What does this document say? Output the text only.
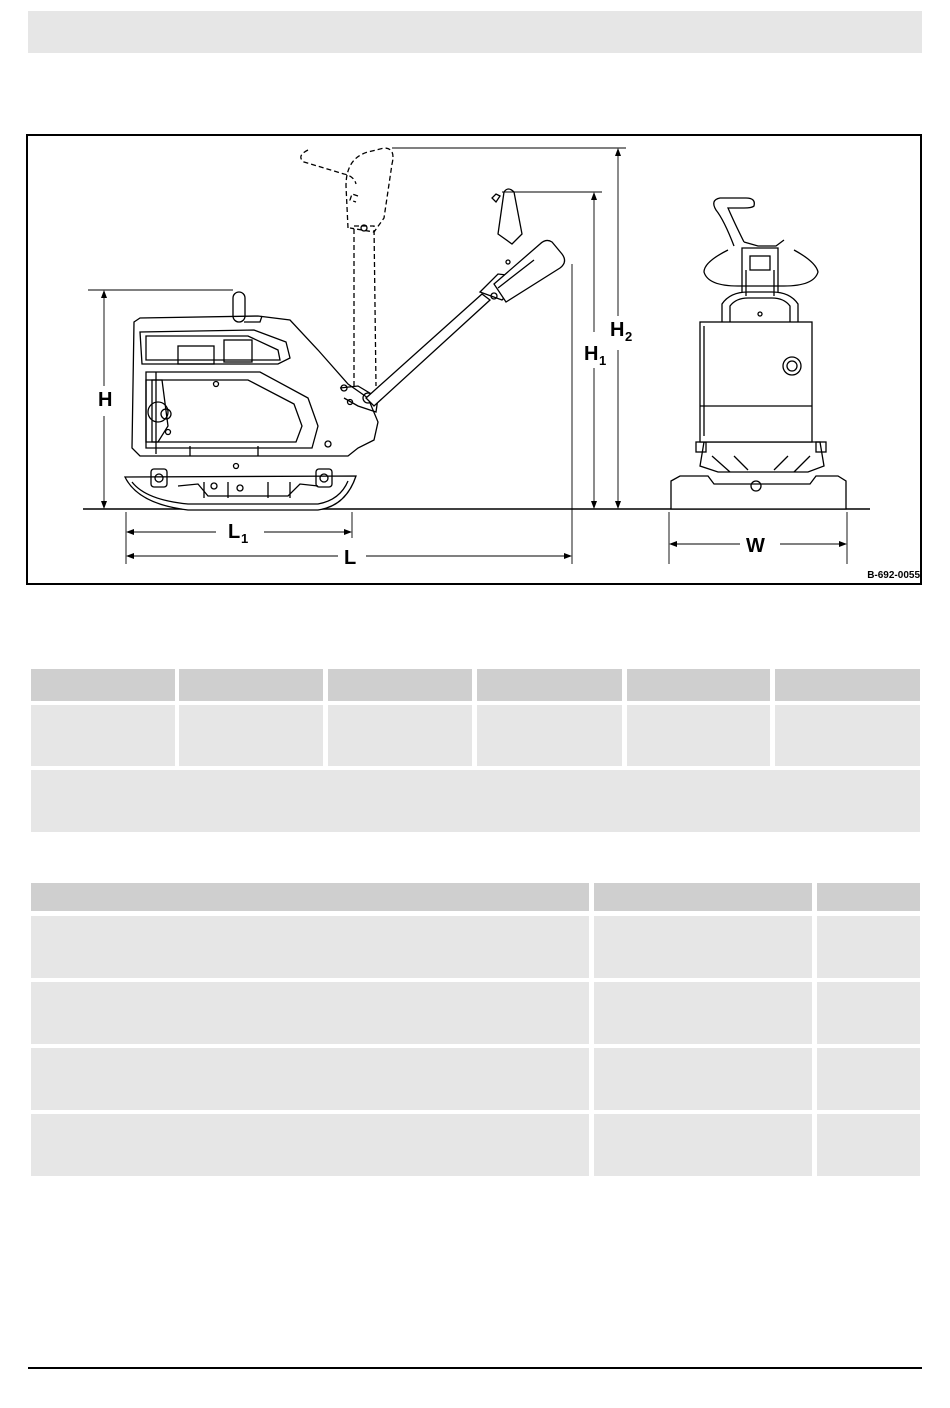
H
H 1
H 2
L 1
L
W
B-692-0055
